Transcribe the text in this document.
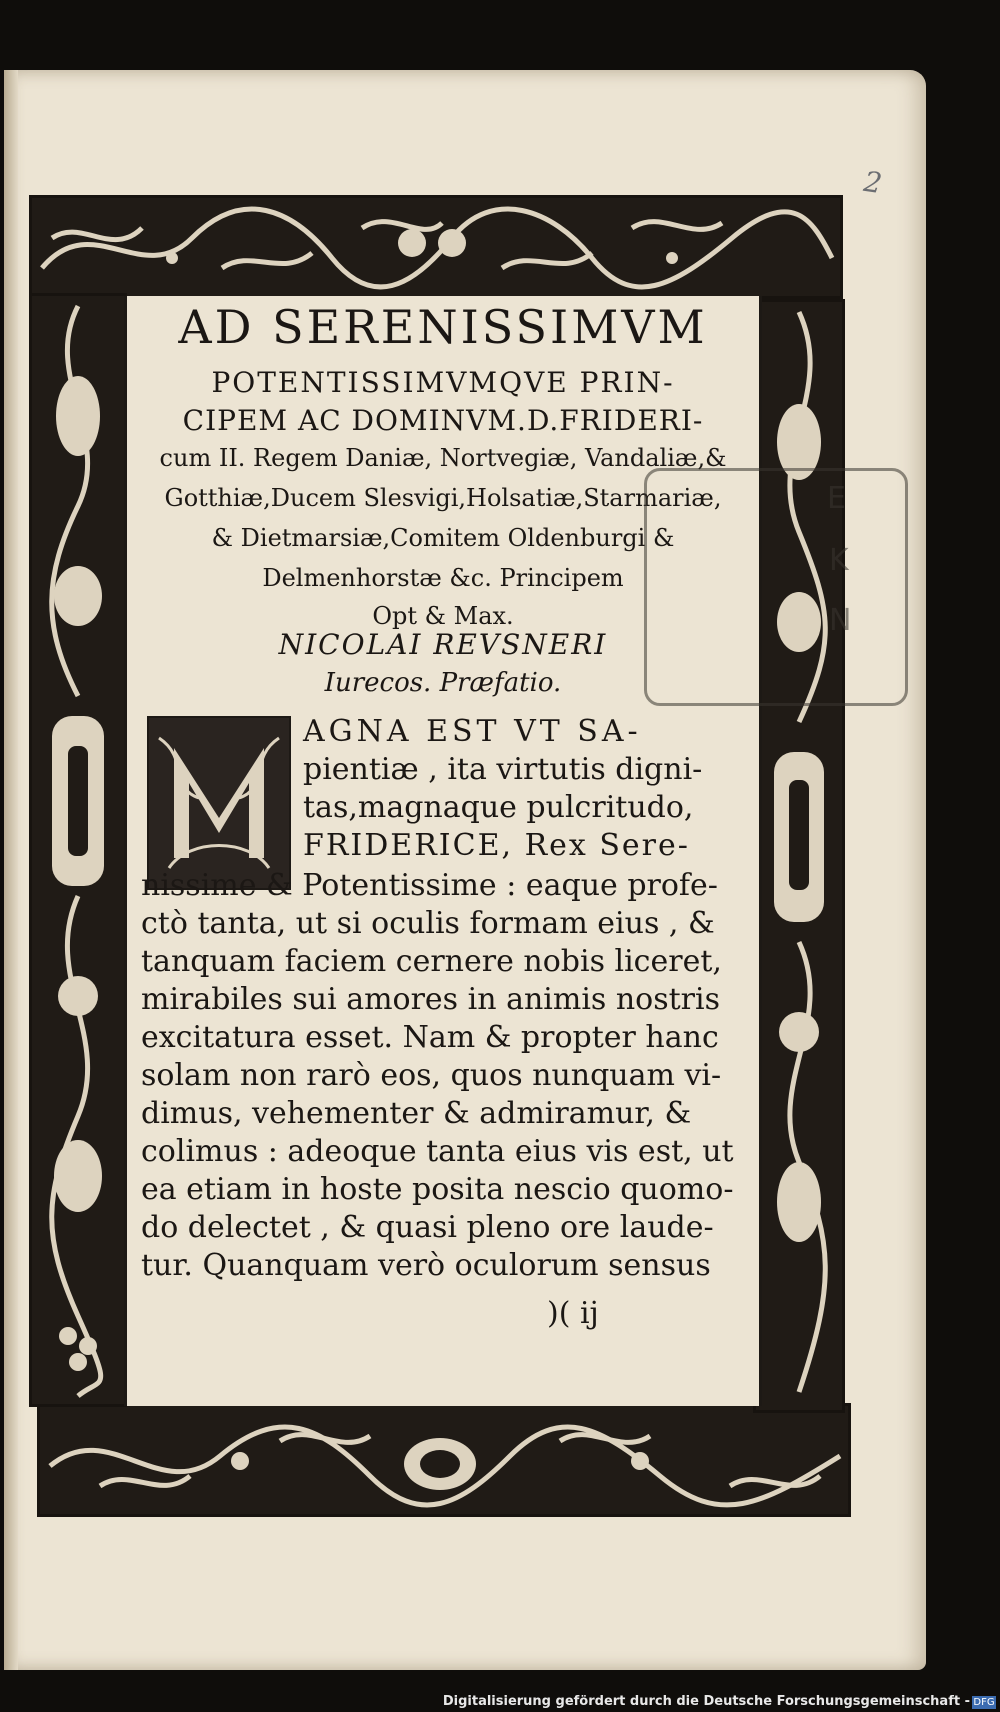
2
AD SERENISSIMVM
POTENTISSIMVMQVE PRIN-
CIPEM AC DOMINVM.D.FRIDERI-
cum II. Regem Daniæ, Nortvegiæ, Vandaliæ,&
Gotthiæ,Ducem Slesvigi,Holsatiæ,Starmariæ,
& Dietmarsiæ,Comitem Oldenburgi &
Delmenhorstæ &c. Principem
Opt & Max.
NICOLAI REVSNERI
Iurecos. Præfatio.
AGNA EST VT SA-
pientiæ , ita virtutis digni-
tas,magnaque pulcritudo,
FRIDERICE, Rex Sere-
nissime & Potentissime : eaque profe-
ctò tanta, ut si oculis formam eius , &
tanquam faciem cernere nobis liceret,
mirabiles sui amores in animis nostris
excitatura esset. Nam & propter hanc
solam non rarò eos, quos nunquam vi-
dimus, vehementer & admiramur, &
colimus : adeoque tanta eius vis est, ut
ea etiam in hoste posita nescio quomo-
do delectet , & quasi pleno ore laude-
tur. Quanquam verò oculorum sensus
)( ij
E
K
N
Digitalisierung gefördert durch die Deutsche Forschungsgemeinschaft - DFG
